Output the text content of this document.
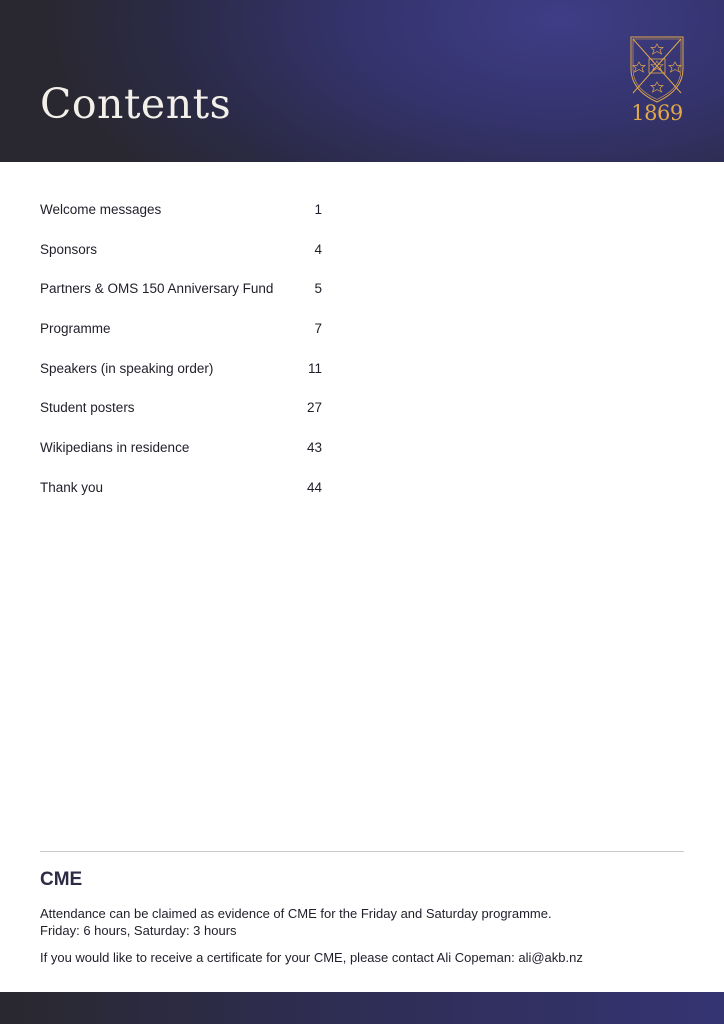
Contents	1869
Welcome messages	1
Sponsors	4
Partners & OMS 150 Anniversary Fund	5
Programme	7
Speakers (in speaking order)	11
Student posters	27
Wikipedians in residence	43
Thank you	44
CME
Attendance can be claimed as evidence of CME for the Friday and Saturday programme.
Friday: 6 hours, Saturday: 3 hours
If you would like to receive a certificate for your CME, please contact Ali Copeman: ali@akb.nz
